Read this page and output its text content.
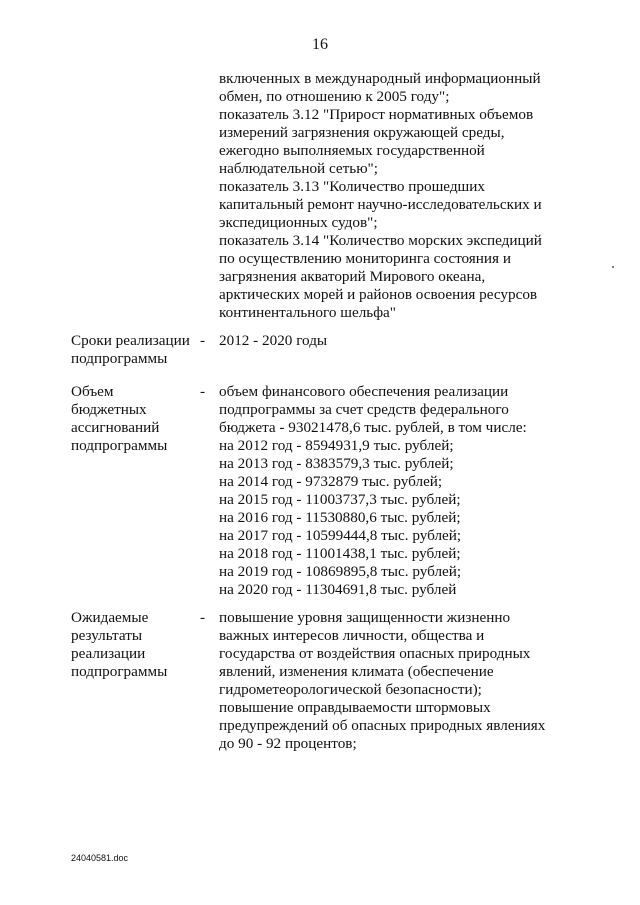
16
включенных в международный информационный
обмен, по отношению к 2005 году";
показатель 3.12 "Прирост нормативных объемов
измерений загрязнения окружающей среды,
ежегодно выполняемых государственной
наблюдательной сетью";
показатель 3.13 "Количество прошедших
капитальный ремонт научно-исследовательских и
экспедиционных судов";
показатель 3.14 "Количество морских экспедиций
по осуществлению мониторинга состояния и
загрязнения акваторий Мирового океана,
арктических морей и районов освоения ресурсов
континентального шельфа"
Сроки реализации
подпрограммы
- 2012 - 2020 годы
Объем
бюджетных
ассигнований
подпрограммы
- объем финансового обеспечения реализации
подпрограммы за счет средств федерального
бюджета - 93021478,6 тыс. рублей, в том числе:
на 2012 год - 8594931,9 тыс. рублей;
на 2013 год - 8383579,3 тыс. рублей;
на 2014 год - 9732879 тыс. рублей;
на 2015 год - 11003737,3 тыс. рублей;
на 2016 год - 11530880,6 тыс. рублей;
на 2017 год - 10599444,8 тыс. рублей;
на 2018 год - 11001438,1 тыс. рублей;
на 2019 год - 10869895,8 тыс. рублей;
на 2020 год - 11304691,8 тыс. рублей
Ожидаемые
результаты
реализации
подпрограммы
- повышение уровня защищенности жизненно
важных интересов личности, общества и
государства от воздействия опасных природных
явлений, изменения климата (обеспечение
гидрометеорологической безопасности);
повышение оправдываемости штормовых
предупреждений об опасных природных явлениях
до 90 - 92 процентов;
24040581.doc
